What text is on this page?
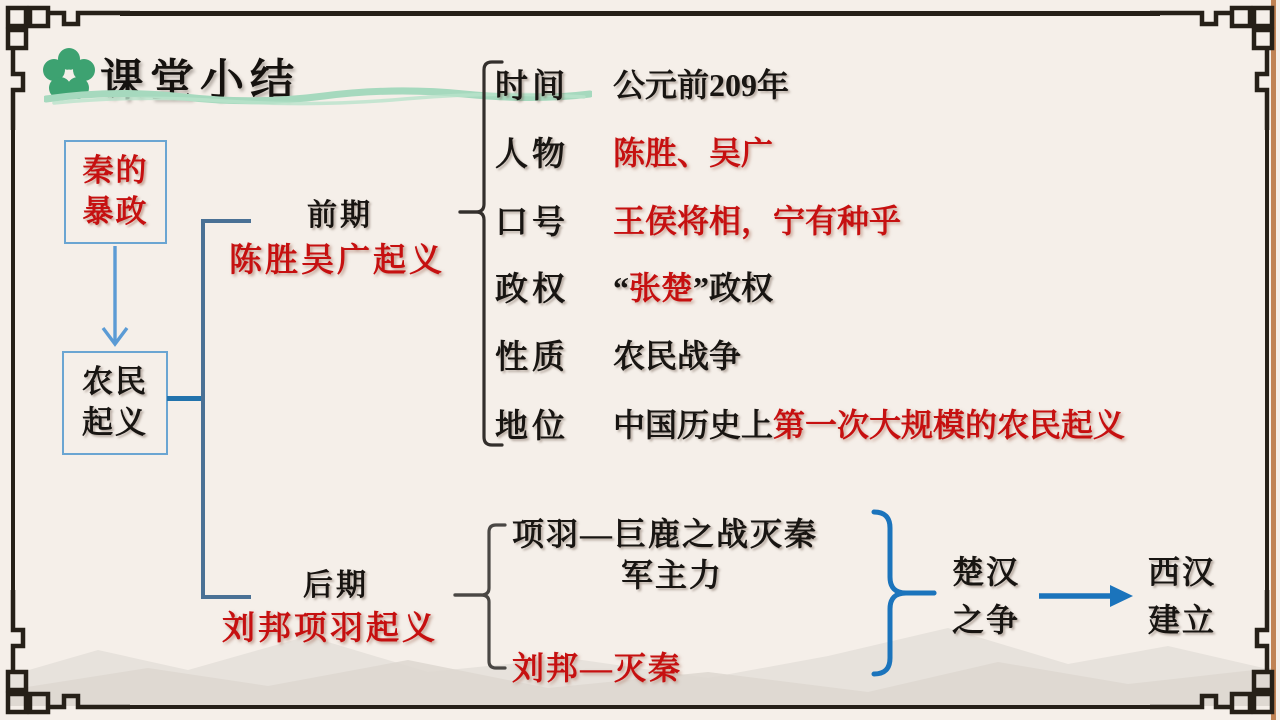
课堂小结
秦的
暴政
农民
起义
前期
陈胜吴广起义
时间	公元前209年
人物	陈胜、吴广
口号	王侯将相，宁有种乎
政权	“张楚”政权
性质	农民战争
地位	中国历史上第一次大规模的农民起义
后期
刘邦项羽起义
项羽—巨鹿之战灭秦
军主力
刘邦—灭秦
楚汉
之争
西汉
建立
